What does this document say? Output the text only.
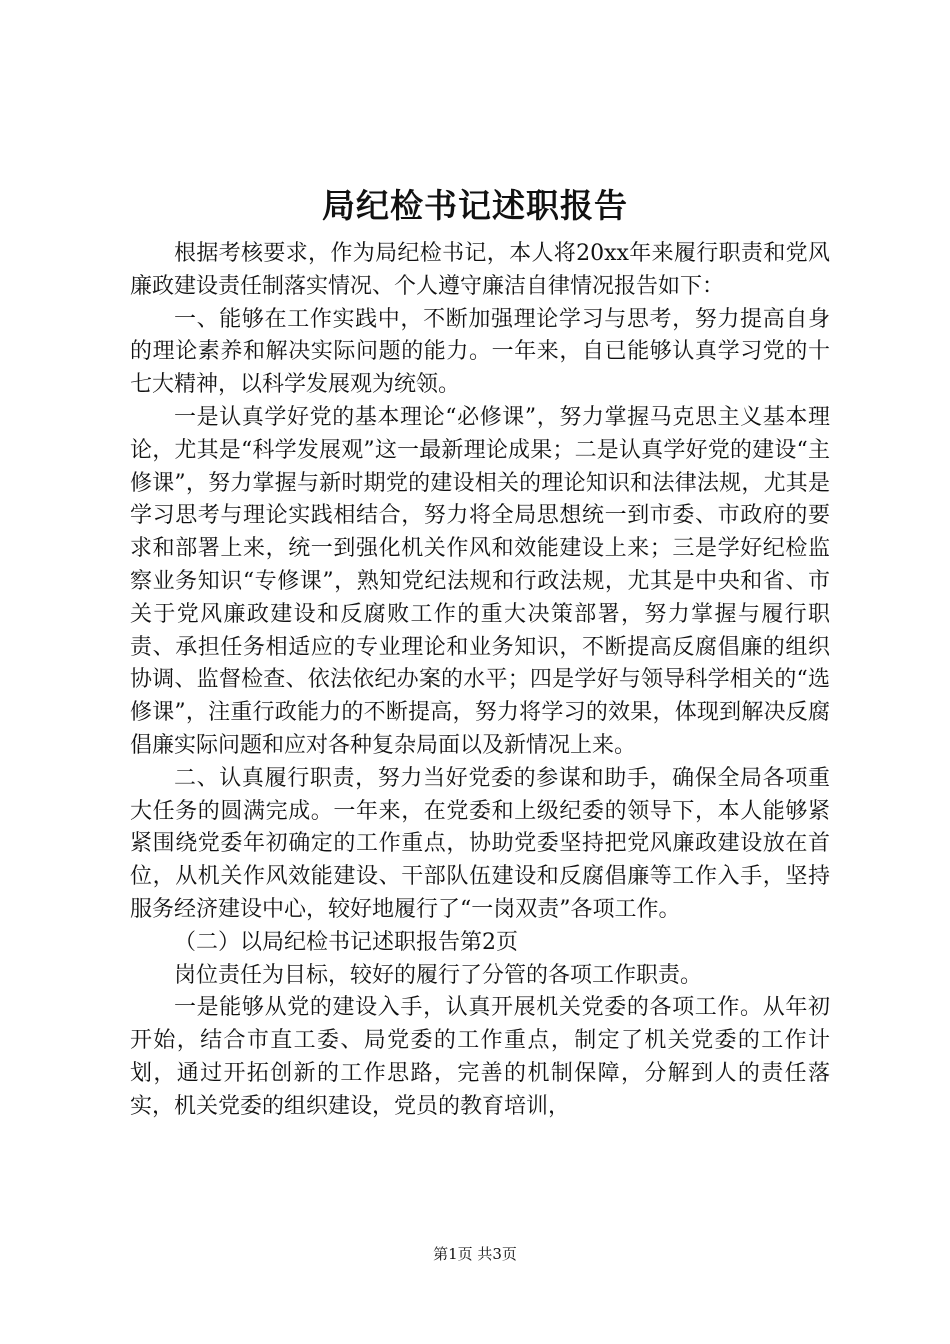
局纪检书记述职报告

根据考核要求，作为局纪检书记，本人将20xx年来履行职责和党风廉政建设责任制落实情况、个人遵守廉洁自律情况报告如下：

一、能够在工作实践中，不断加强理论学习与思考，努力提高自身的理论素养和解决实际问题的能力。一年来，自已能够认真学习党的十七大精神，以科学发展观为统领。

一是认真学好党的基本理论“必修课”，努力掌握马克思主义基本理论，尤其是“科学发展观”这一最新理论成果；二是认真学好党的建设“主修课”，努力掌握与新时期党的建设相关的理论知识和法律法规，尤其是学习思考与理论实践相结合，努力将全局思想统一到市委、市政府的要求和部署上来，统一到强化机关作风和效能建设上来；三是学好纪检监察业务知识“专修课”，熟知党纪法规和行政法规，尤其是中央和省、市关于党风廉政建设和反腐败工作的重大决策部署，努力掌握与履行职责、承担任务相适应的专业理论和业务知识，不断提高反腐倡廉的组织协调、监督检查、依法依纪办案的水平；四是学好与领导科学相关的“选修课”，注重行政能力的不断提高，努力将学习的效果，体现到解决反腐倡廉实际问题和应对各种复杂局面以及新情况上来。

二、认真履行职责，努力当好党委的参谋和助手，确保全局各项重大任务的圆满完成。一年来，在党委和上级纪委的领导下，本人能够紧紧围绕党委年初确定的工作重点，协助党委坚持把党风廉政建设放在首位，从机关作风效能建设、干部队伍建设和反腐倡廉等工作入手，坚持服务经济建设中心，较好地履行了“一岗双责”各项工作。

（二）以局纪检书记述职报告第2页

岗位责任为目标，较好的履行了分管的各项工作职责。

一是能够从党的建设入手，认真开展机关党委的各项工作。从年初开始，结合市直工委、局党委的工作重点，制定了机关党委的工作计划，通过开拓创新的工作思路，完善的机制保障，分解到人的责任落实，机关党委的组织建设，党员的教育培训，

第1页 共3页
